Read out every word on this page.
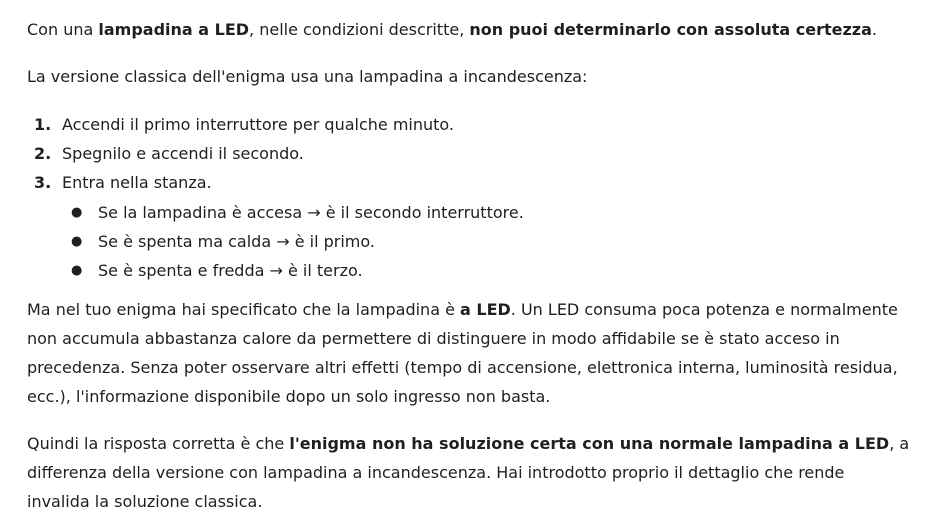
Con una lampadina a LED, nelle condizioni descritte, non puoi determinarlo con assoluta certezza.

La versione classica dell'enigma usa una lampadina a incandescenza:

1. Accendi il primo interruttore per qualche minuto.
2. Spegnilo e accendi il secondo.
3. Entra nella stanza.
● Se la lampadina è accesa → è il secondo interruttore.
● Se è spenta ma calda → è il primo.
● Se è spenta e fredda → è il terzo.
Ma nel tuo enigma hai specificato che la lampadina è a LED. Un LED consuma poca potenza e normalmente
non accumula abbastanza calore da permettere di distinguere in modo affidabile se è stato acceso in
precedenza. Senza poter osservare altri effetti (tempo di accensione, elettronica interna, luminosità residua,
ecc.), l'informazione disponibile dopo un solo ingresso non basta.
Quindi la risposta corretta è che l'enigma non ha soluzione certa con una normale lampadina a LED, a
differenza della versione con lampadina a incandescenza. Hai introdotto proprio il dettaglio che rende
invalida la soluzione classica.
